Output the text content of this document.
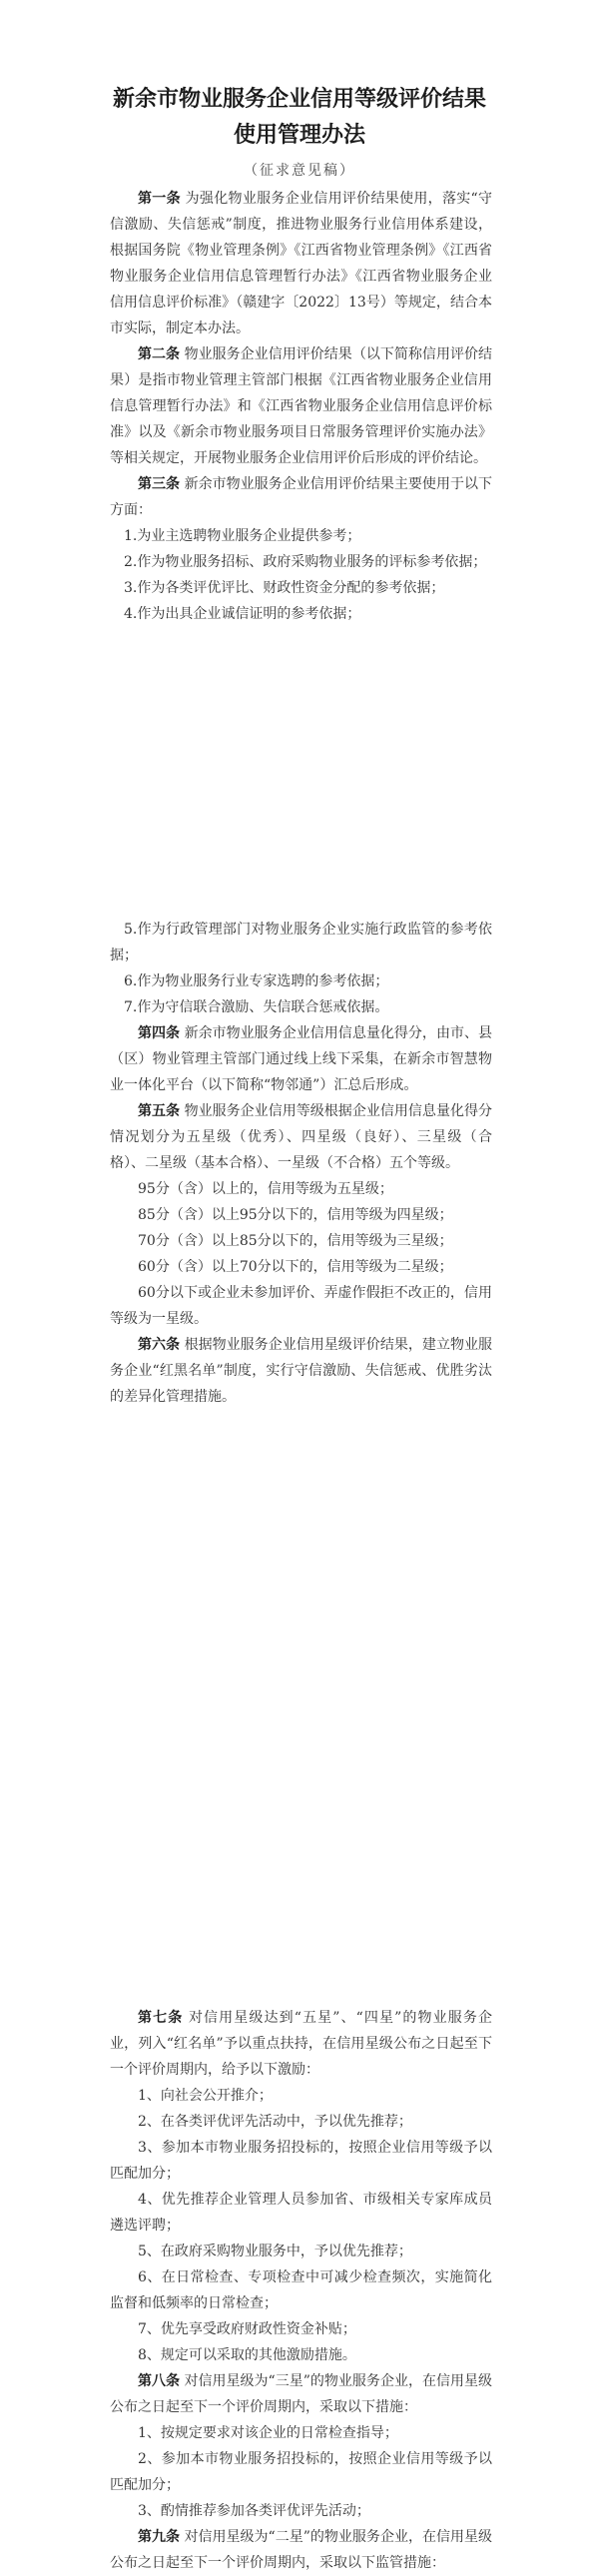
新余市物业服务企业信用等级评价结果
使用管理办法
（征求意见稿）

第一条 为强化物业服务企业信用评价结果使用，落实“守信激励、失信惩戒”制度，推进物业服务行业信用体系建设，根据国务院《物业管理条例》《江西省物业管理条例》《江西省物业服务企业信用信息管理暂行办法》《江西省物业服务企业信用信息评价标准》（赣建字〔2022〕13号）等规定，结合本市实际，制定本办法。

第二条 物业服务企业信用评价结果（以下简称信用评价结果）是指市物业管理主管部门根据《江西省物业服务企业信用信息管理暂行办法》和《江西省物业服务企业信用信息评价标准》以及《新余市物业服务项目日常服务管理评价实施办法》等相关规定，开展物业服务企业信用评价后形成的评价结论。

第三条 新余市物业服务企业信用评价结果主要使用于以下方面：

1.为业主选聘物业服务企业提供参考；

2.作为物业服务招标、政府采购物业服务的评标参考依据；

3.作为各类评优评比、财政性资金分配的参考依据；

4.作为出具企业诚信证明的参考依据；

5.作为行政管理部门对物业服务企业实施行政监管的参考依据；

6.作为物业服务行业专家选聘的参考依据；

7.作为守信联合激励、失信联合惩戒依据。

第四条 新余市物业服务企业信用信息量化得分，由市、县（区）物业管理主管部门通过线上线下采集，在新余市智慧物业一体化平台（以下简称“物邻通”）汇总后形成。

第五条 物业服务企业信用等级根据企业信用信息量化得分情况划分为五星级（优秀）、四星级（良好）、三星级（合格）、二星级（基本合格）、一星级（不合格）五个等级。

95分（含）以上的，信用等级为五星级；

85分（含）以上95分以下的，信用等级为四星级；

70分（含）以上85分以下的，信用等级为三星级；

60分（含）以上70分以下的，信用等级为二星级；

60分以下或企业未参加评价、弄虚作假拒不改正的，信用等级为一星级。

第六条 根据物业服务企业信用星级评价结果，建立物业服务企业“红黑名单”制度，实行守信激励、失信惩戒、优胜劣汰的差异化管理措施。

第七条 对信用星级达到“五星”、“四星”的物业服务企业，列入“红名单”予以重点扶持，在信用星级公布之日起至下一个评价周期内，给予以下激励：

1、向社会公开推介；

2、在各类评优评先活动中，予以优先推荐；

3、参加本市物业服务招投标的，按照企业信用等级予以匹配加分；

4、优先推荐企业管理人员参加省、市级相关专家库成员遴选评聘；

5、在政府采购物业服务中，予以优先推荐；

6、在日常检查、专项检查中可减少检查频次，实施简化监督和低频率的日常检查；

7、优先享受政府财政性资金补贴；

8、规定可以采取的其他激励措施。

第八条 对信用星级为“三星”的物业服务企业，在信用星级公布之日起至下一个评价周期内，采取以下措施：

1、按规定要求对该企业的日常检查指导；

2、参加本市物业服务招投标的，按照企业信用等级予以匹配加分；

3、酌情推荐参加各类评优评先活动；

第九条 对信用星级为“二星”的物业服务企业，在信用星级公布之日起至下一个评价周期内，采取以下监管措施：
